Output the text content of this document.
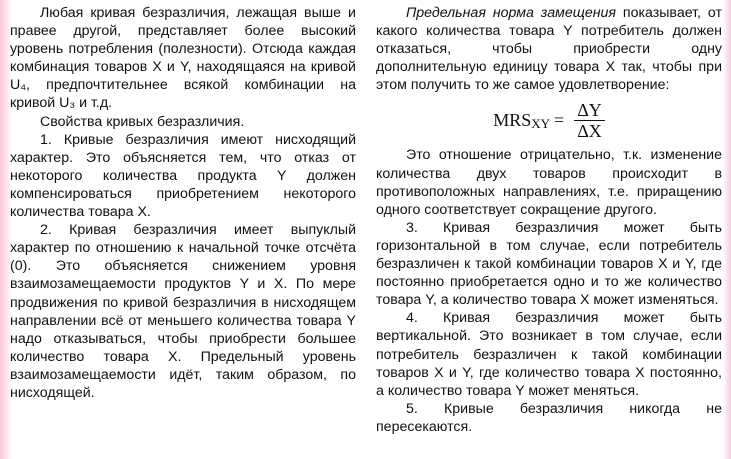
Любая кривая безразличия, лежащая выше и правее другой, представляет более высокий уровень потребления (полезности). Отсюда каждая комбинация товаров X и Y, находящаяся на кривой U₄, предпочтительнее всякой комбинации на кривой U₃ и т.д.

Свойства кривых безразличия.

1. Кривые безразличия имеют нисходящий характер. Это объясняется тем, что отказ от некоторого количества продукта Y должен компенсироваться приобретением некоторого количества товара X.

2. Кривая безразличия имеет выпуклый характер по отношению к начальной точке отсчёта (0). Это объясняется снижением уровня взаимозамещаемости продуктов Y и X. По мере продвижения по кривой безразличия в нисходящем направлении всё от меньшего количества товара Y надо отказываться, чтобы приобрести большее количество товара X. Предельный уровень взаимозамещаемости идёт, таким образом, по нисходящей.

Предельная норма замещения показывает, от какого количества товара Y потребитель должен отказаться, чтобы приобрести одну дополнительную единицу товара X так, чтобы при этом получить то же самое удовлетворение:

MRS XY = $\frac{\Delta Y}{\Delta X}$

Это отношение отрицательно, т.к. изменение количества двух товаров происходит в противоположных направлениях, т.е. приращению одного соответствует сокращение другого.

3. Кривая безразличия может быть горизонтальной в том случае, если потребитель безразличен к такой комбинации товаров X и Y, где постоянно приобретается одно и то же количество товара Y, а количество товара X может изменяться.

4. Кривая безразличия может быть вертикальной. Это возникает в том случае, если потребитель безразличен к такой комбинации товаров X и Y, где количество товара X постоянно, а количество товара Y может меняться.

5. Кривые безразличия никогда не пересекаются.
